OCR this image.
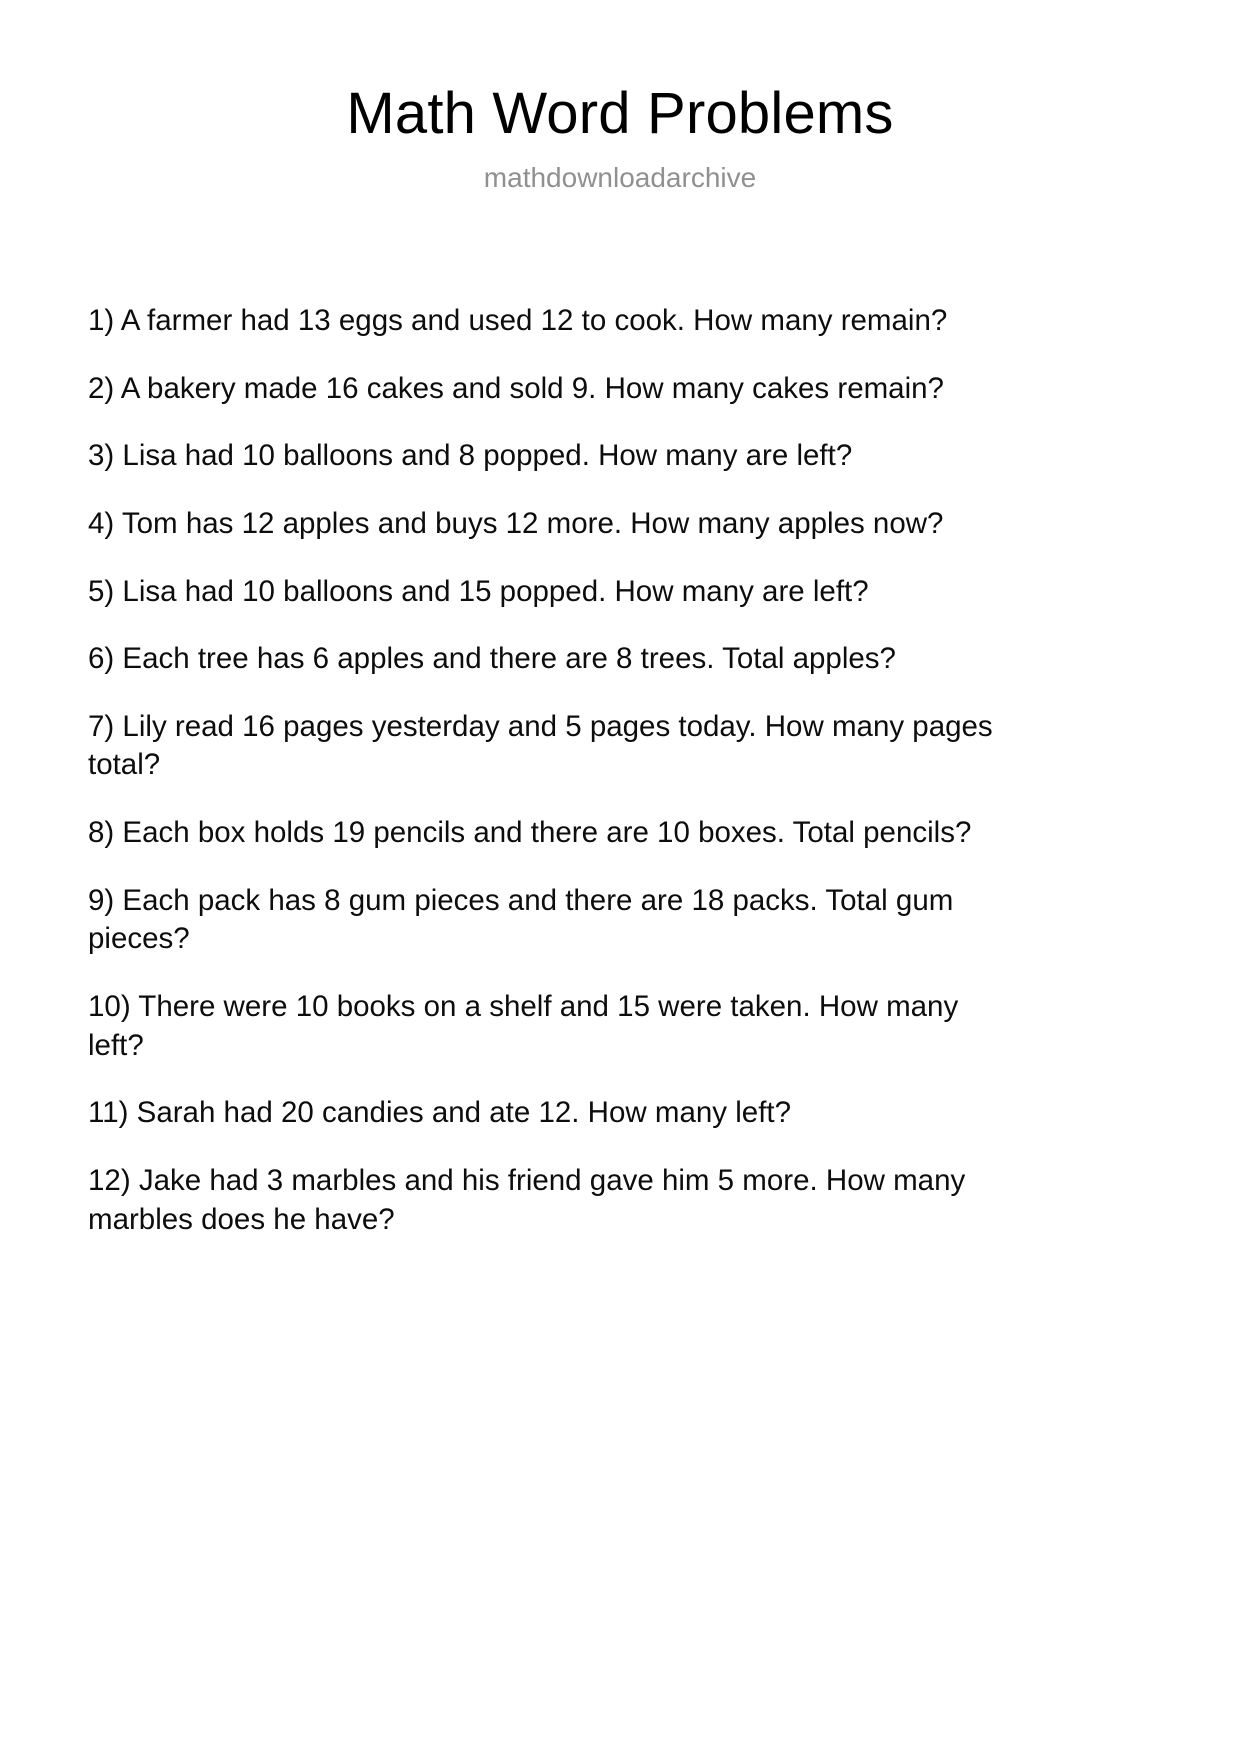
Math Word Problems
mathdownloadarchive
1) A farmer had 13 eggs and used 12 to cook. How many remain?
2) A bakery made 16 cakes and sold 9. How many cakes remain?
3) Lisa had 10 balloons and 8 popped. How many are left?
4) Tom has 12 apples and buys 12 more. How many apples now?
5) Lisa had 10 balloons and 15 popped. How many are left?
6) Each tree has 6 apples and there are 8 trees. Total apples?
7) Lily read 16 pages yesterday and 5 pages today. How many pages total?
8) Each box holds 19 pencils and there are 10 boxes. Total pencils?
9) Each pack has 8 gum pieces and there are 18 packs. Total gum pieces?
10) There were 10 books on a shelf and 15 were taken. How many left?
11) Sarah had 20 candies and ate 12. How many left?
12) Jake had 3 marbles and his friend gave him 5 more. How many marbles does he have?
